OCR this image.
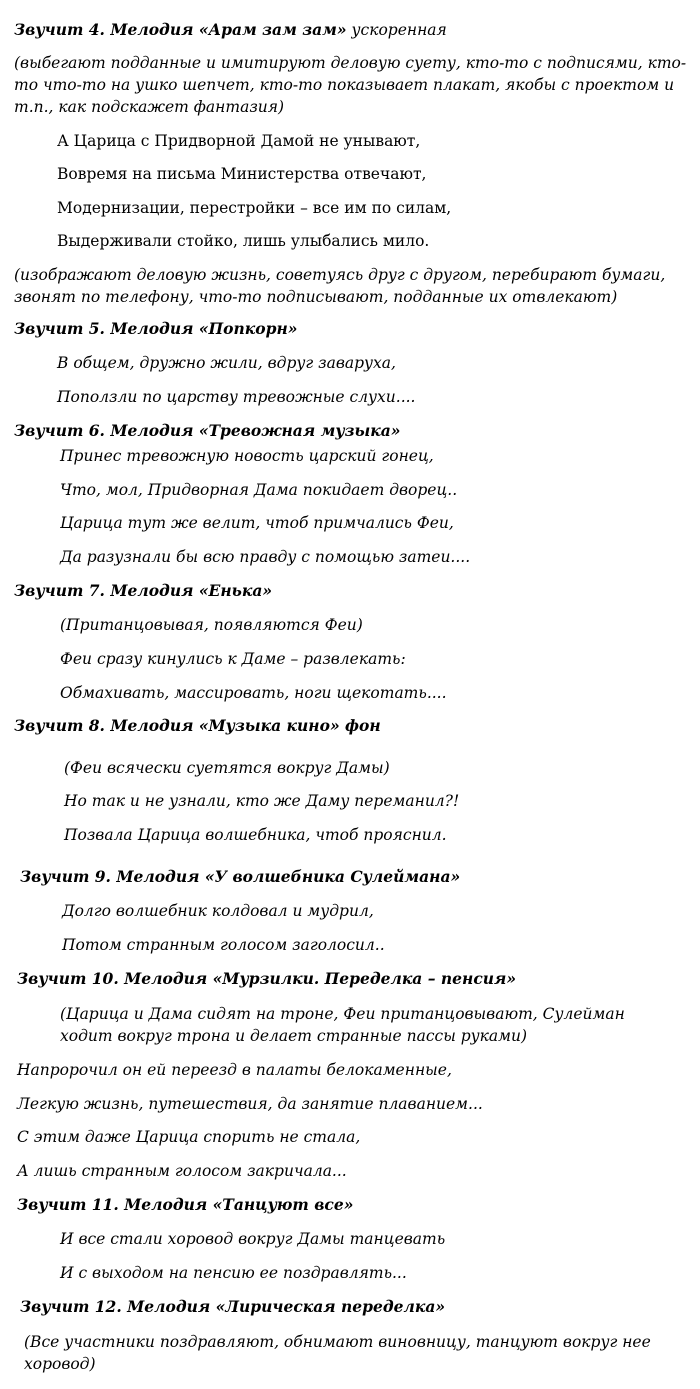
Звучит 4. Мелодия «Арам зам зам» ускоренная
(выбегают подданные и имитируют деловую суету, кто-то с подписями, кто-
то что-то на ушко шепчет, кто-то показывает плакат, якобы с проектом и
т.п., как подскажет фантазия)
А Царица с Придворной Дамой не унывают,
Вовремя на письма Министерства отвечают,
Модернизации, перестройки – все им по силам,
Выдерживали стойко, лишь улыбались мило.
(изображают деловую жизнь, советуясь друг с другом, перебирают бумаги,
звонят по телефону, что-то подписывают, подданные их отвлекают)
Звучит 5. Мелодия «Попкорн»
В общем, дружно жили, вдруг заваруха,
Поползли по царству тревожные слухи....
Звучит 6. Мелодия «Тревожная музыка»
Принес тревожную новость царский гонец,
Что, мол, Придворная Дама покидает дворец..
Царица тут же велит, чтоб примчались Феи,
Да разузнали бы всю правду с помощью затеи....
Звучит 7. Мелодия «Енька»
(Пританцовывая, появляются Феи)
Феи сразу кинулись к Даме – развлекать:
Обмахивать, массировать, ноги щекотать....
Звучит 8. Мелодия «Музыка кино» фон
(Феи всячески суетятся вокруг Дамы)
Но так и не узнали, кто же Даму переманил?!
Позвала Царица волшебника, чтоб прояснил.
Звучит 9. Мелодия «У волшебника Сулеймана»
Долго волшебник колдовал и мудрил,
Потом странным голосом заголосил..
Звучит 10. Мелодия «Мурзилки. Переделка – пенсия»
(Царица и Дама сидят на троне, Феи пританцовывают, Сулейман
ходит вокруг трона и делает странные пассы руками)
Напророчил он ей переезд в палаты белокаменные,
Легкую жизнь, путешествия, да занятие плаванием...
С этим даже Царица спорить не стала,
А лишь странным голосом закричала...
Звучит 11. Мелодия «Танцуют все»
И все стали хоровод вокруг Дамы танцевать
И с выходом на пенсию ее поздравлять...
Звучит 12. Мелодия «Лирическая переделка»
(Все участники поздравляют, обнимают виновницу, танцуют вокруг нее
хоровод)
